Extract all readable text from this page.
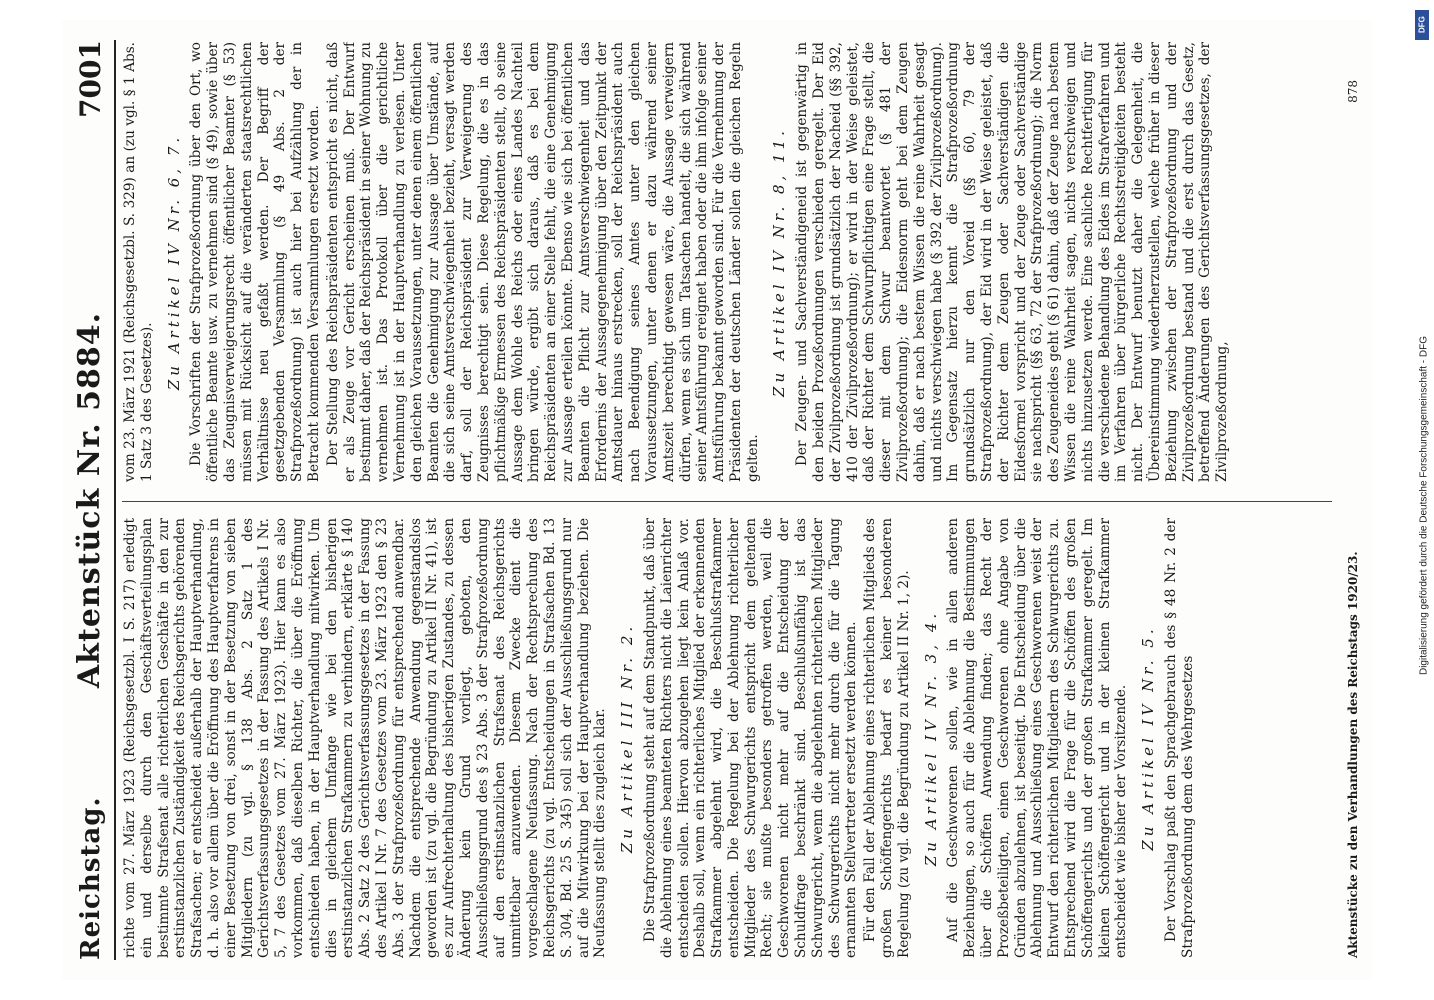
Reichstag.
Aktenstück Nr. 5884.
7001

richte vom 27. März 1923 (Reichsgesetzbl. I S. 217) erledigt ein und derselbe durch den Geschäftsverteilungsplan bestimmte Strafsenat alle richterlichen Geschäfte in den zur erstinstanzlichen Zuständigkeit des Reichsgerichts gehörenden Strafsachen; er entscheidet außerhalb der Hauptverhandlung, d. h. also vor allem über die Eröffnung des Hauptverfahrens in einer Besetzung von drei, sonst in der Besetzung von sieben Mitgliedern (zu vgl. § 138 Abs. 2 Satz 1 des Gerichtsverfassungsgesetzes in der Fassung des Artikels I Nr. 5, 7 des Gesetzes vom 27. März 1923). Hier kann es also vorkommen, daß dieselben Richter, die über die Eröffnung entschieden haben, in der Hauptverhandlung mitwirken. Um dies in gleichem Umfange wie bei den bisherigen erstinstanzlichen Strafkammern zu verhindern, erklärte § 140 Abs. 2 Satz 2 des Gerichtsverfassungsgesetzes in der Fassung des Artikel I Nr. 7 des Gesetzes vom 23. März 1923 den § 23 Abs. 3 der Strafprozeßordnung für entsprechend anwendbar. Nachdem die entsprechende Anwendung gegenstandslos geworden ist (zu vgl. die Begründung zu Artikel II Nr. 41), ist es zur Aufrechterhaltung des bisherigen Zustandes, zu dessen Änderung kein Grund vorliegt, geboten, den Ausschließungsgrund des § 23 Abs. 3 der Strafprozeßordnung auf den erstinstanzlichen Strafsenat des Reichsgerichts unmittelbar anzuwenden. Diesem Zwecke dient die vorgeschlagene Neufassung. Nach der Rechtsprechung des Reichsgerichts (zu vgl. Entscheidungen in Strafsachen Bd. 13 S. 304, Bd. 25 S. 345) soll sich der Ausschließungsgrund nur auf die Mitwirkung bei der Hauptverhandlung beziehen. Die Neufassung stellt dies zugleich klar. Zu Artikel III Nr. 2. Die Strafprozeßordnung steht auf dem Standpunkt, daß über die Ablehnung eines beamteten Richters nicht die Laienrichter entscheiden sollen. Hiervon abzugehen liegt kein Anlaß vor. Deshalb soll, wenn ein richterliches Mitglied der erkennenden Strafkammer abgelehnt wird, die Beschlußstrafkammer entscheiden. Die Regelung bei der Ablehnung richterlicher Mitglieder des Schwurgerichts entspricht dem geltenden Recht; sie mußte besonders getroffen werden, weil die Geschworenen nicht mehr auf die Entscheidung der Schuldfrage beschränkt sind. Beschlußunfähig ist das Schwurgericht, wenn die abgelehnten richterlichen Mitglieder des Schwurgerichts nicht mehr durch die für die Tagung ernannten Stellvertreter ersetzt werden können. Für den Fall der Ablehnung eines richterlichen Mitglieds des großen Schöffengerichts bedarf es keiner besonderen Regelung (zu vgl. die Begründung zu Artikel II Nr. 1, 2). Zu Artikel IV Nr. 3, 4. Auf die Geschworenen sollen, wie in allen anderen Beziehungen, so auch für die Ablehnung die Bestimmungen über die Schöffen Anwendung finden; das Recht der Prozeßbeteiligten, einen Geschworenen ohne Angabe von Gründen abzulehnen, ist beseitigt. Die Entscheidung über die Ablehnung und Ausschließung eines Geschworenen weist der Entwurf den richterlichen Mitgliedern des Schwurgerichts zu. Entsprechend wird die Frage für die Schöffen des großen Schöffengerichts und der großen Strafkammer geregelt. Im kleinen Schöffengericht und in der kleinen Strafkammer entscheidet wie bisher der Vorsitzende. Zu Artikel IV Nr. 5. Der Vorschlag paßt den Sprachgebrauch des § 48 Nr. 2 der Strafprozeßordnung dem des Wehrgesetzes

vom 23. März 1921 (Reichsgesetzbl. S. 329) an (zu vgl. § 1 Abs. 1 Satz 3 des Gesetzes).

Zu Artikel IV Nr. 6, 7. Die Vorschriften der Strafprozeßordnung über den Ort, wo öffentliche Beamte usw. zu vernehmen sind (§ 49), sowie über das Zeugnisverweigerungsrecht öffentlicher Beamter (§ 53) müssen mit Rücksicht auf die veränderten staatsrechtlichen Verhältnisse neu gefaßt werden. Der Begriff der gesetzgebenden Versammlung (§ 49 Abs. 2 der Strafprozeßordnung) ist auch hier bei Aufzählung der in Betracht kommenden Versammlungen ersetzt worden. Der Stellung des Reichspräsidenten entspricht es nicht, daß er als Zeuge vor Gericht erscheinen muß. Der Entwurf bestimmt daher, daß der Reichspräsident in seiner Wohnung zu vernehmen ist. Das Protokoll über die gerichtliche Vernehmung ist in der Hauptverhandlung zu verlesen. Unter den gleichen Voraussetzungen, unter denen einem öffentlichen Beamten die Genehmigung zur Aussage über Umstände, auf die sich seine Amtsverschwiegenheit bezieht, versagt werden darf, soll der Reichspräsident zur Verweigerung des Zeugnisses berechtigt sein. Diese Regelung, die es in das pflichtmäßige Ermessen des Reichspräsidenten stellt, ob seine Aussage dem Wohle des Reichs oder eines Landes Nachteil bringen würde, ergibt sich daraus, daß es bei dem Reichspräsidenten an einer Stelle fehlt, die eine Genehmigung zur Aussage erteilen könnte. Ebenso wie sich bei öffentlichen Beamten die Pflicht zur Amtsverschwiegenheit und das Erfordernis der Aussagegenehmigung über den Zeitpunkt der Amtsdauer hinaus erstrecken, soll der Reichspräsident auch nach Beendigung seines Amtes unter den gleichen Voraussetzungen, unter denen er dazu während seiner Amtszeit berechtigt gewesen wäre, die Aussage verweigern dürfen, wenn es sich um Tatsachen handelt, die sich während seiner Amtsführung ereignet haben oder die ihm infolge seiner Amtsführung bekannt geworden sind. Für die Vernehmung der Präsidenten der deutschen Länder sollen die gleichen Regeln gelten.

Zu Artikel IV Nr. 8, 11. Der Zeugen- und Sachverständigeneid ist gegenwärtig in den beiden Prozeßordnungen verschieden geregelt. Der Eid der Zivilprozeßordnung ist grundsätzlich der Nacheid (§§ 392, 410 der Zivilprozeßordnung); er wird in der Weise geleistet, daß der Richter dem Schwurpflichtigen eine Frage stellt, die dieser mit dem Schwur beantwortet (§ 481 der Zivilprozeßordnung); die Eidesnorm geht bei dem Zeugen dahin, daß er nach bestem Wissen die reine Wahrheit gesagt und nichts verschwiegen habe (§ 392 der Zivilprozeßordnung). Im Gegensatz hierzu kennt die Strafprozeßordnung grundsätzlich nur den Voreid (§§ 60, 79 der Strafprozeßordnung), der Eid wird in der Weise geleistet, daß der Richter dem Zeugen oder Sachverständigen die Eidesformel vorspricht und der Zeuge oder Sachverständige sie nachspricht (§§ 63, 72 der Strafprozeßordnung); die Norm des Zeugeneides geht (§ 61) dahin, daß der Zeuge nach bestem Wissen die reine Wahrheit sagen, nichts verschweigen und nichts hinzusetzen werde. Eine sachliche Rechtfertigung für die verschiedene Behandlung des Eides im Strafverfahren und im Verfahren über bürgerliche Rechtsstreitigkeiten besteht nicht. Der Entwurf benutzt daher die Gelegenheit, die Übereinstimmung wiederherzustellen, welche früher in dieser Beziehung zwischen der Strafprozeßordnung und der Zivilprozeßordnung bestand und die erst durch das Gesetz, betreffend Änderungen des Gerichtsverfassungsgesetzes, der Zivilprozeßordnung,

Aktenstücke zu den Verhandlungen des Reichstags 1920/23.
878
DFG
Digitalisierung gefördert durch die Deutsche Forschungsgemeinschaft - DFG
